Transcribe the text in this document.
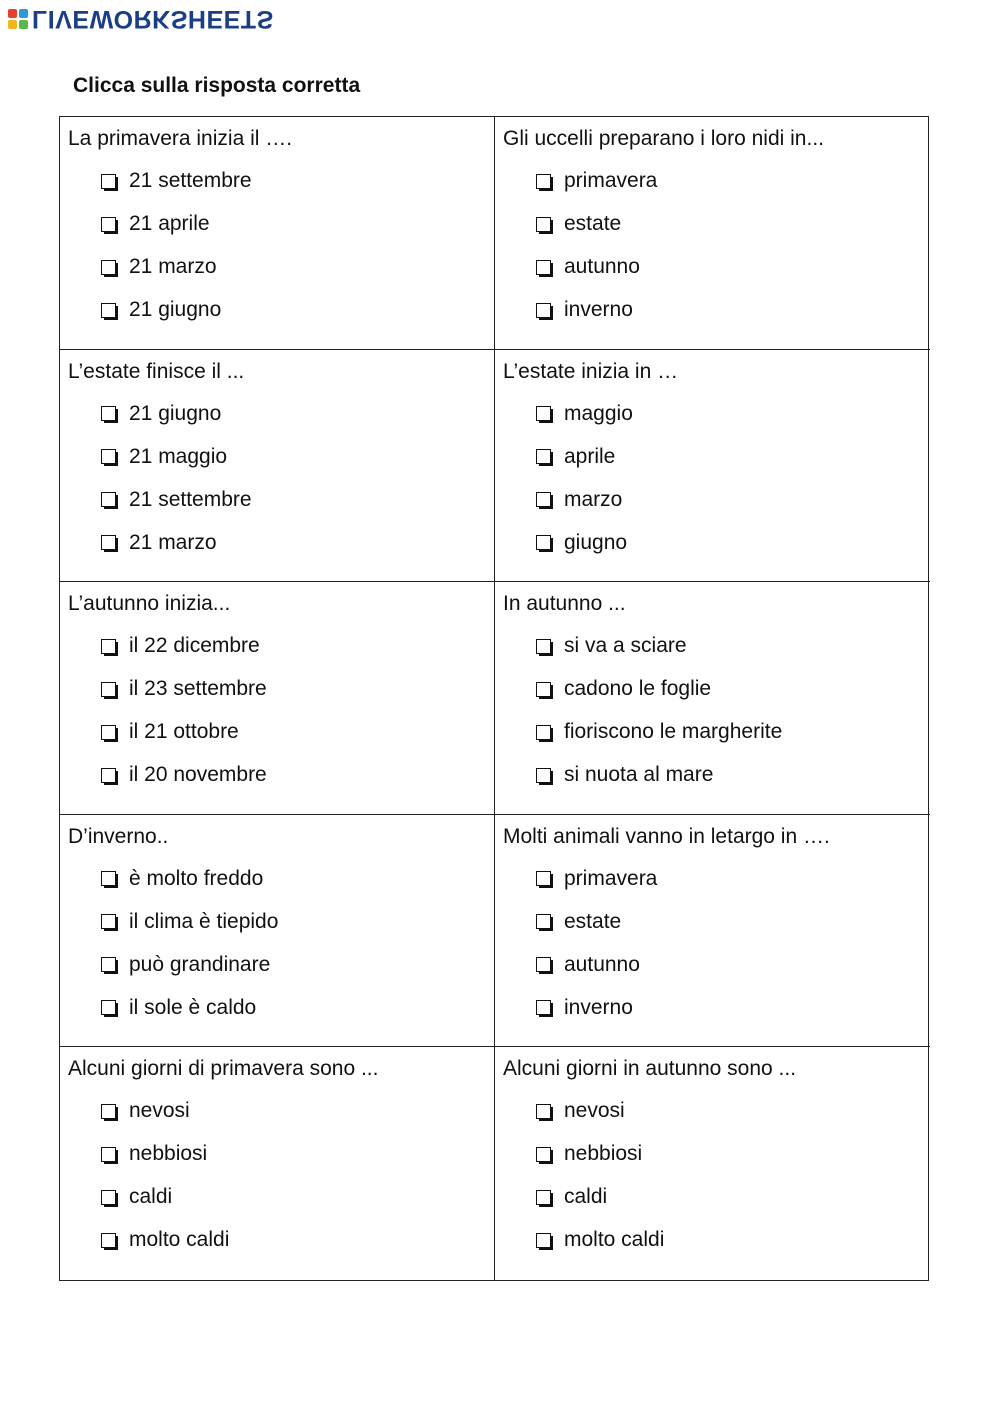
LIVEWORKSHEETS
Clicca sulla risposta corretta
La primavera inizia il ….
21 settembre
21 aprile
21 marzo
21 giugno
Gli uccelli preparano i loro nidi in...
primavera
estate
autunno
inverno
L’estate finisce il ...
21 giugno
21 maggio
21 settembre
21 marzo
L’estate inizia in …
maggio
aprile
marzo
giugno
L’autunno inizia...
il 22 dicembre
il 23 settembre
il 21 ottobre
il 20 novembre
In autunno ...
si va a sciare
cadono le foglie
fioriscono le margherite
si nuota al mare
D’inverno..
è molto freddo
il clima è tiepido
può grandinare
il sole è caldo
Molti animali vanno in letargo in ….
primavera
estate
autunno
inverno
Alcuni giorni di primavera sono ...
nevosi
nebbiosi
caldi
molto caldi
Alcuni giorni in autunno sono ...
nevosi
nebbiosi
caldi
molto caldi
